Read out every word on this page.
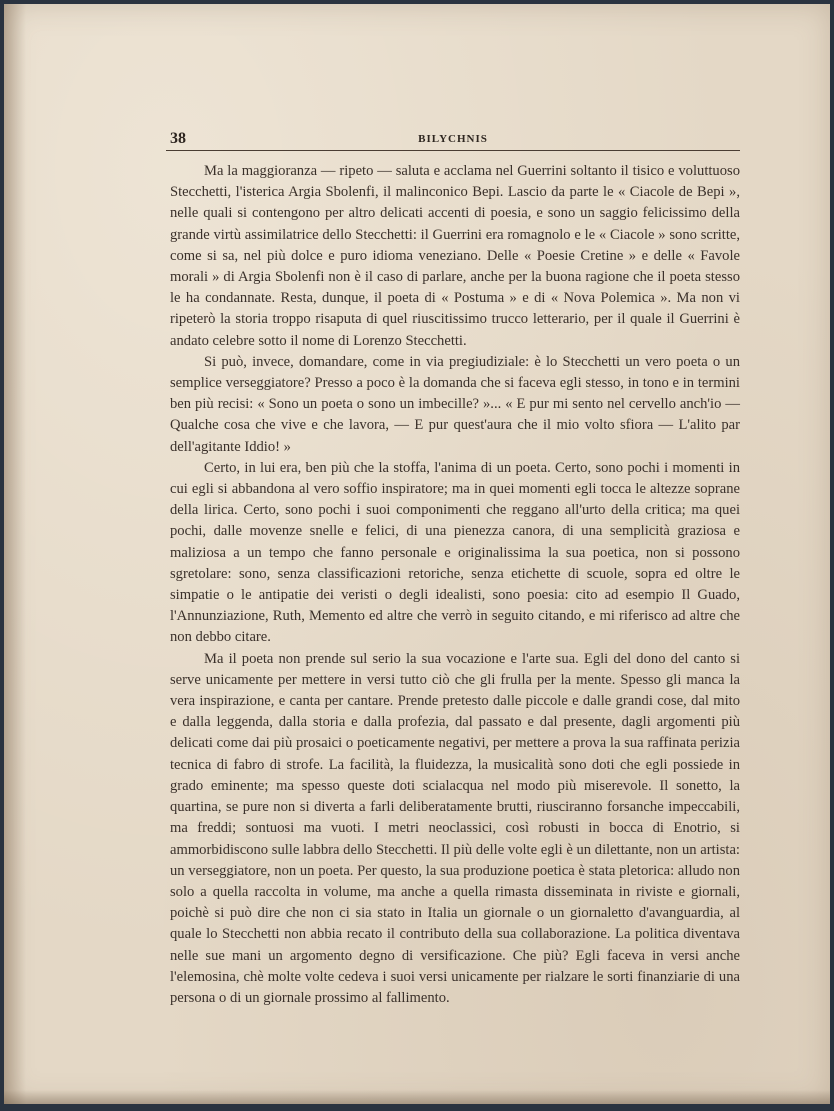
38	BILYCHNIS

Ma la maggioranza — ripeto — saluta e acclama nel Guerrini soltanto il tisico e voluttuoso Stecchetti, l'isterica Argia Sbolenfi, il malinconico Bepi. Lascio da parte le « Ciacole de Bepi », nelle quali si contengono per altro delicati accenti di poesia, e sono un saggio felicissimo della grande virtù assimilatrice dello Stecchetti: il Guerrini era romagnolo e le « Ciacole » sono scritte, come si sa, nel più dolce e puro idioma veneziano. Delle « Poesie Cretine » e delle « Favole morali » di Argia Sbolenfi non è il caso di parlare, anche per la buona ragione che il poeta stesso le ha condannate. Resta, dunque, il poeta di « Postuma » e di « Nova Polemica ». Ma non vi ripeterò la storia troppo risaputa di quel riuscitissimo trucco letterario, per il quale il Guerrini è andato celebre sotto il nome di Lorenzo Stecchetti.

Si può, invece, domandare, come in via pregiudiziale: è lo Stecchetti un vero poeta o un semplice verseggiatore? Presso a poco è la domanda che si faceva egli stesso, in tono e in termini ben più recisi: « Sono un poeta o sono un imbecille? »... « E pur mi sento nel cervello anch'io — Qualche cosa che vive e che lavora, — E pur quest'aura che il mio volto sfiora — L'alito par dell'agitante Iddio! »

Certo, in lui era, ben più che la stoffa, l'anima di un poeta. Certo, sono pochi i momenti in cui egli si abbandona al vero soffio inspiratore; ma in quei momenti egli tocca le altezze soprane della lirica. Certo, sono pochi i suoi componimenti che reggano all'urto della critica; ma quei pochi, dalle movenze snelle e felici, di una pienezza canora, di una semplicità graziosa e maliziosa a un tempo che fanno personale e originalissima la sua poetica, non si possono sgretolare: sono, senza classificazioni retoriche, senza etichette di scuole, sopra ed oltre le simpatie o le antipatie dei veristi o degli idealisti, sono poesia: cito ad esempio Il Guado, l'Annunziazione, Ruth, Memento ed altre che verrò in seguito citando, e mi riferisco ad altre che non debbo citare.

Ma il poeta non prende sul serio la sua vocazione e l'arte sua. Egli del dono del canto si serve unicamente per mettere in versi tutto ciò che gli frulla per la mente. Spesso gli manca la vera inspirazione, e canta per cantare. Prende pretesto dalle piccole e dalle grandi cose, dal mito e dalla leggenda, dalla storia e dalla profezia, dal passato e dal presente, dagli argomenti più delicati come dai più prosaici o poeticamente negativi, per mettere a prova la sua raffinata perizia tecnica di fabro di strofe. La facilità, la fluidezza, la musicalità sono doti che egli possiede in grado eminente; ma spesso queste doti scialacqua nel modo più miserevole. Il sonetto, la quartina, se pure non si diverta a farli deliberatamente brutti, riusciranno forsanche impeccabili, ma freddi; sontuosi ma vuoti. I metri neoclassici, così robusti in bocca di Enotrio, si ammorbidiscono sulle labbra dello Stecchetti. Il più delle volte egli è un dilettante, non un artista: un verseggiatore, non un poeta. Per questo, la sua produzione poetica è stata pletorica: alludo non solo a quella raccolta in volume, ma anche a quella rimasta disseminata in riviste e giornali, poichè si può dire che non ci sia stato in Italia un giornale o un giornaletto d'avanguardia, al quale lo Stecchetti non abbia recato il contributo della sua collaborazione. La politica diventava nelle sue mani un argomento degno di versificazione. Che più? Egli faceva in versi anche l'elemosina, chè molte volte cedeva i suoi versi unicamente per rialzare le sorti finanziarie di una persona o di un giornale prossimo al fallimento.
